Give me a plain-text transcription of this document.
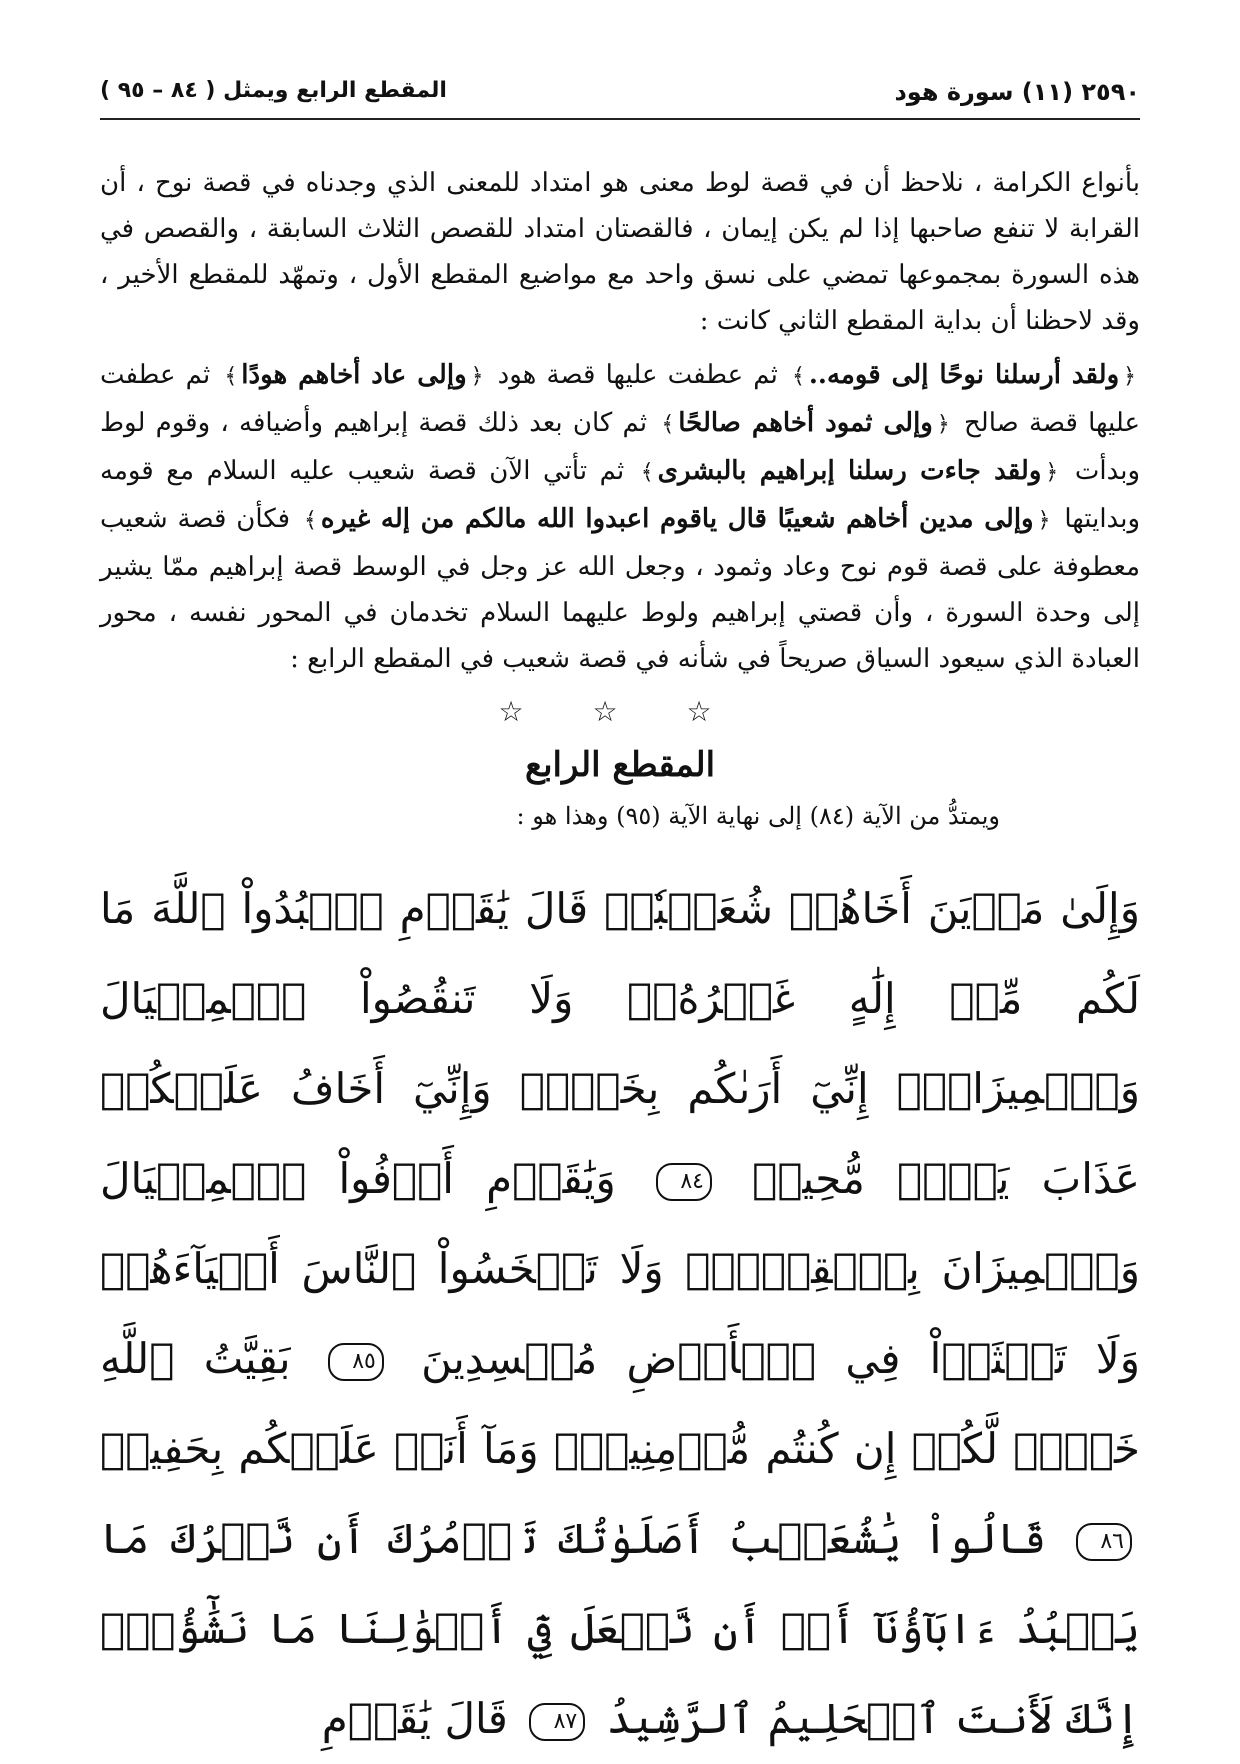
٢٥٩٠ (١١) سورة هود
المقطع الرابع ويمثل ( ٨٤ – ٩٥ )

بأنواع الكرامة ، نلاحظ أن في قصة لوط معنى هو امتداد للمعنى الذي وجدناه في قصة نوح ، أن القرابة لا تنفع صاحبها إذا لم يكن إيمان ، فالقصتان امتداد للقصص الثلاث السابقة ، والقصص في هذه السورة بمجموعها تمضي على نسق واحد مع مواضيع المقطع الأول ، وتمهّد للمقطع الأخير ، وقد لاحظنا أن بداية المقطع الثاني كانت :

﴿ولقد أرسلنا نوحًا إلى قومه..﴾ ثم عطفت عليها قصة هود ﴿وإلى عاد أخاهم هودًا﴾ ثم عطفت عليها قصة صالح ﴿وإلى ثمود أخاهم صالحًا﴾ ثم كان بعد ذلك قصة إبراهيم وأضيافه ، وقوم لوط وبدأت ﴿ولقد جاءت رسلنا إبراهيم بالبشرى﴾ ثم تأتي الآن قصة شعيب عليه السلام مع قومه وبدايتها ﴿وإلى مدين أخاهم شعيبًا قال ياقوم اعبدوا الله مالكم من إله غيره﴾ فكأن قصة شعيب معطوفة على قصة قوم نوح وعاد وثمود ، وجعل الله عز وجل في الوسط قصة إبراهيم ممّا يشير إلى وحدة السورة ، وأن قصتي إبراهيم ولوط عليهما السلام تخدمان في المحور نفسه ، محور العبادة الذي سيعود السياق صريحاً في شأنه في قصة شعيب في المقطع الرابع :

☆ ☆ ☆
المقطع الرابع
ويمتدُّ من الآية (٨٤) إلى نهاية الآية (٩٥) وهذا هو :

وَإِلَىٰ مَدۡيَنَ أَخَاهُمۡ شُعَيۡبٗاۚ قَالَ يَٰقَوۡمِ ٱعۡبُدُواْ ٱللَّهَ مَا لَكُم مِّنۡ إِلَٰهٍ غَيۡرُهُۥۖ وَلَا تَنقُصُواْ ٱلۡمِكۡيَالَ وَٱلۡمِيزَانَۖ إِنِّيٓ أَرَىٰكُم بِخَيۡرٖ وَإِنِّيٓ أَخَافُ عَلَيۡكُمۡ عَذَابَ يَوۡمٖ مُّحِيطٖ ٨٤ وَيَٰقَوۡمِ أَوۡفُواْ ٱلۡمِكۡيَالَ وَٱلۡمِيزَانَ بِٱلۡقِسۡطِۖ وَلَا تَبۡخَسُواْ ٱلنَّاسَ أَشۡيَآءَهُمۡ وَلَا تَعۡثَوۡاْ فِي ٱلۡأَرۡضِ مُفۡسِدِينَ ٨٥ بَقِيَّتُ ٱللَّهِ خَيۡرٞ لَّكُمۡ إِن كُنتُم مُّؤۡمِنِينَۚ وَمَآ أَنَا۠ عَلَيۡكُم بِحَفِيظٖ ٨٦ قَالُواْ يَٰشُعَيۡبُ أَصَلَوٰتُكَ تَأۡمُرُكَ أَن نَّتۡرُكَ مَا يَعۡبُدُ ءَابَآؤُنَآ أَوۡ أَن نَّفۡعَلَ فِيٓ أَمۡوَٰلِنَا مَا نَشَٰٓؤُاْۖ إِنَّكَ لَأَنتَ ٱلۡحَلِيمُ ٱلرَّشِيدُ ٨٧ قَالَ يَٰقَوۡمِ
